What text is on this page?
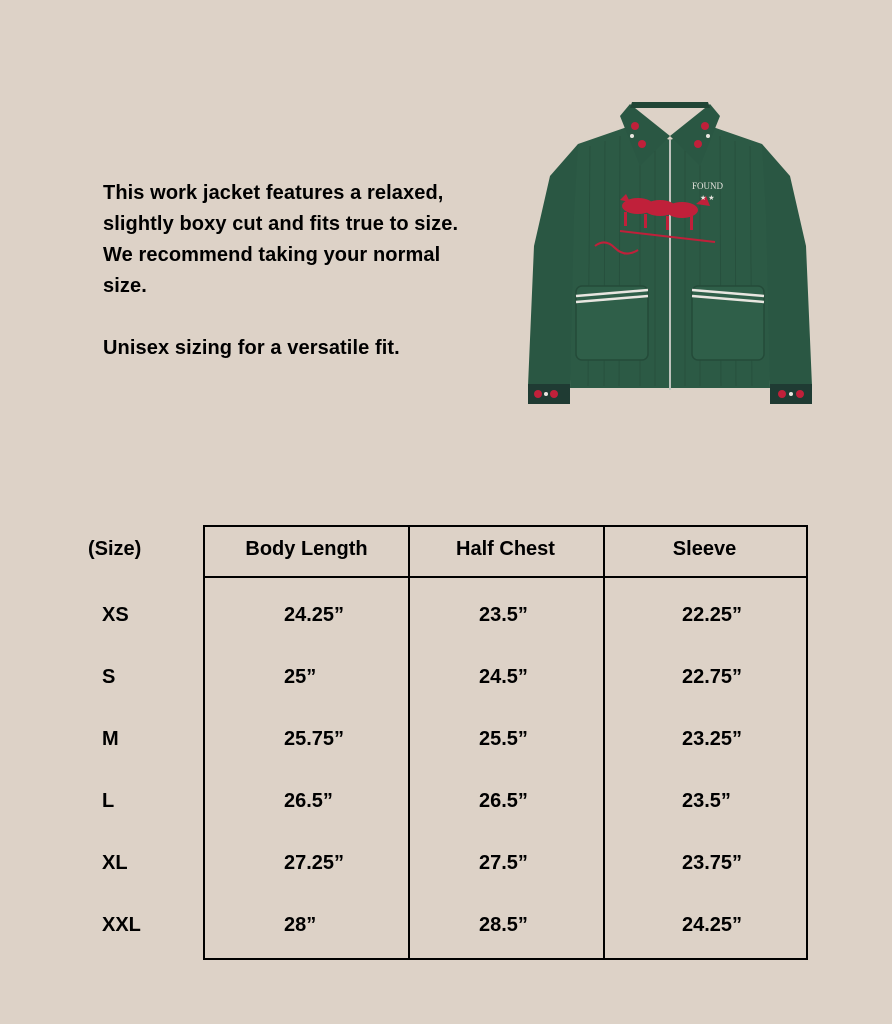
This work jacket features a relaxed,
slightly boxy cut and fits true to size.
We recommend taking your normal
size.

Unisex sizing for a versatile fit.

FOUND
★ ★
(Size)
XS
S
M
L
XL
XXL
Body Length	Half Chest	Sleeve
24.25”
25”
25.75”
26.5”
27.25”
28”
23.5”
24.5”
25.5”
26.5”
27.5”
28.5”
22.25”
22.75”
23.25”
23.5”
23.75”
24.25”
